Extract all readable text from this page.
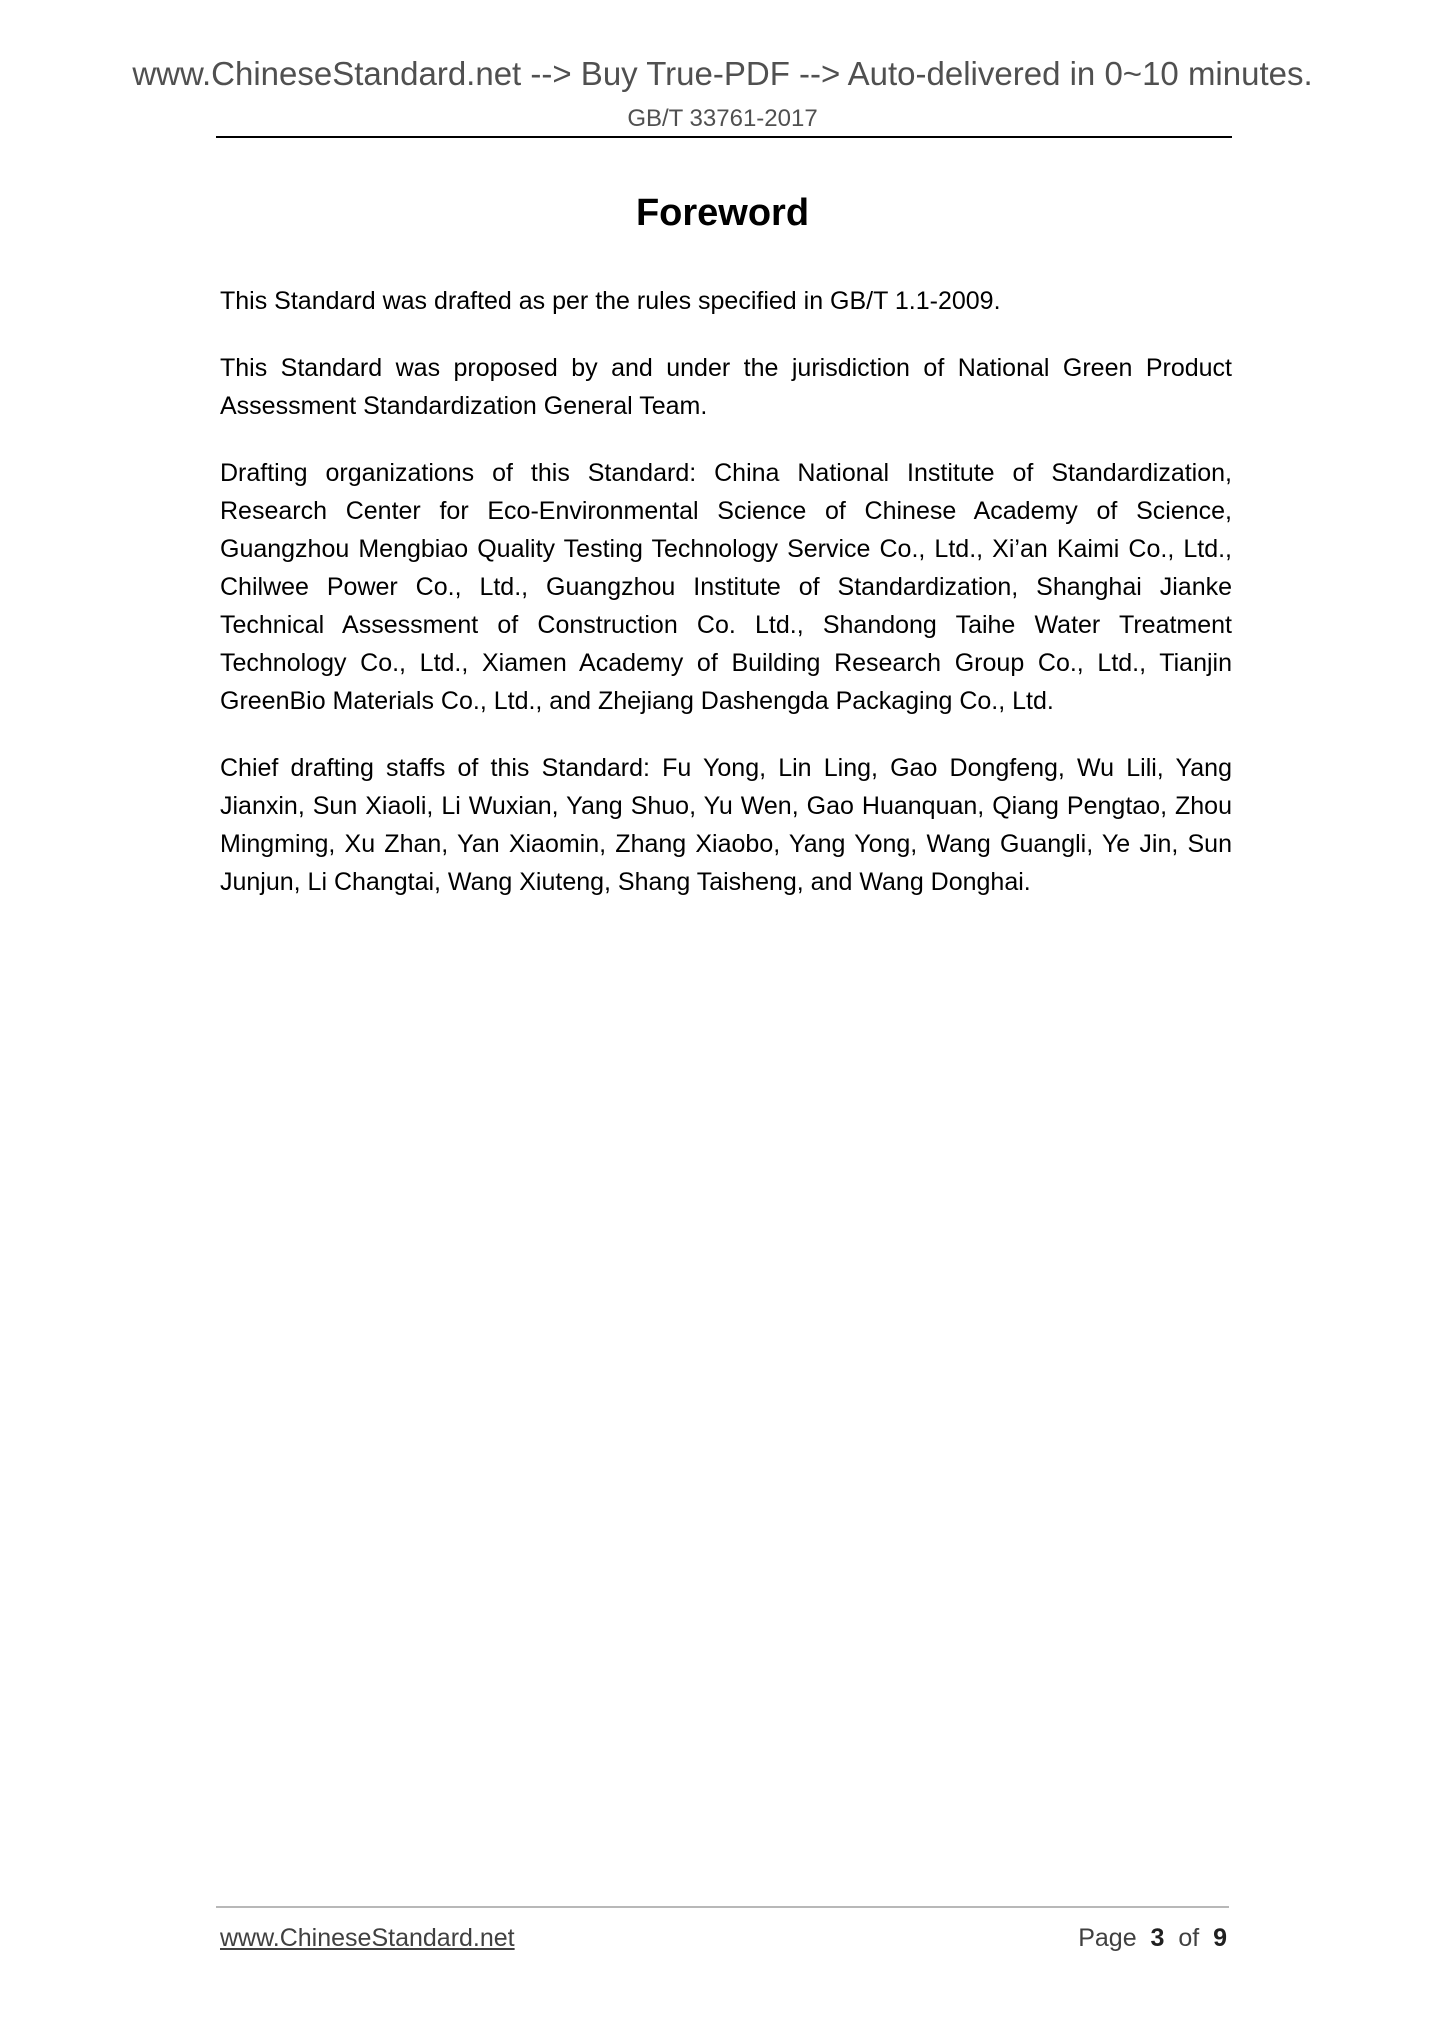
www.ChineseStandard.net --> Buy True-PDF --> Auto-delivered in 0~10 minutes.
GB/T 33761-2017
Foreword

This Standard was drafted as per the rules specified in GB/T 1.1-2009.

This Standard was proposed by and under the jurisdiction of National Green Product Assessment Standardization General Team.

Drafting organizations of this Standard: China National Institute of Standardization, Research Center for Eco-Environmental Science of Chinese Academy of Science, Guangzhou Mengbiao Quality Testing Technology Service Co., Ltd., Xi’an Kaimi Co., Ltd., Chilwee Power Co., Ltd., Guangzhou Institute of Standardization, Shanghai Jianke Technical Assessment of Construction Co. Ltd., Shandong Taihe Water Treatment Technology Co., Ltd., Xiamen Academy of Building Research Group Co., Ltd., Tianjin GreenBio Materials Co., Ltd., and Zhejiang Dashengda Packaging Co., Ltd.

Chief drafting staffs of this Standard: Fu Yong, Lin Ling, Gao Dongfeng, Wu Lili, Yang Jianxin, Sun Xiaoli, Li Wuxian, Yang Shuo, Yu Wen, Gao Huanquan, Qiang Pengtao, Zhou Mingming, Xu Zhan, Yan Xiaomin, Zhang Xiaobo, Yang Yong, Wang Guangli, Ye Jin, Sun Junjun, Li Changtai, Wang Xiuteng, Shang Taisheng, and Wang Donghai.

www.ChineseStandard.net	Page 3 of 9
